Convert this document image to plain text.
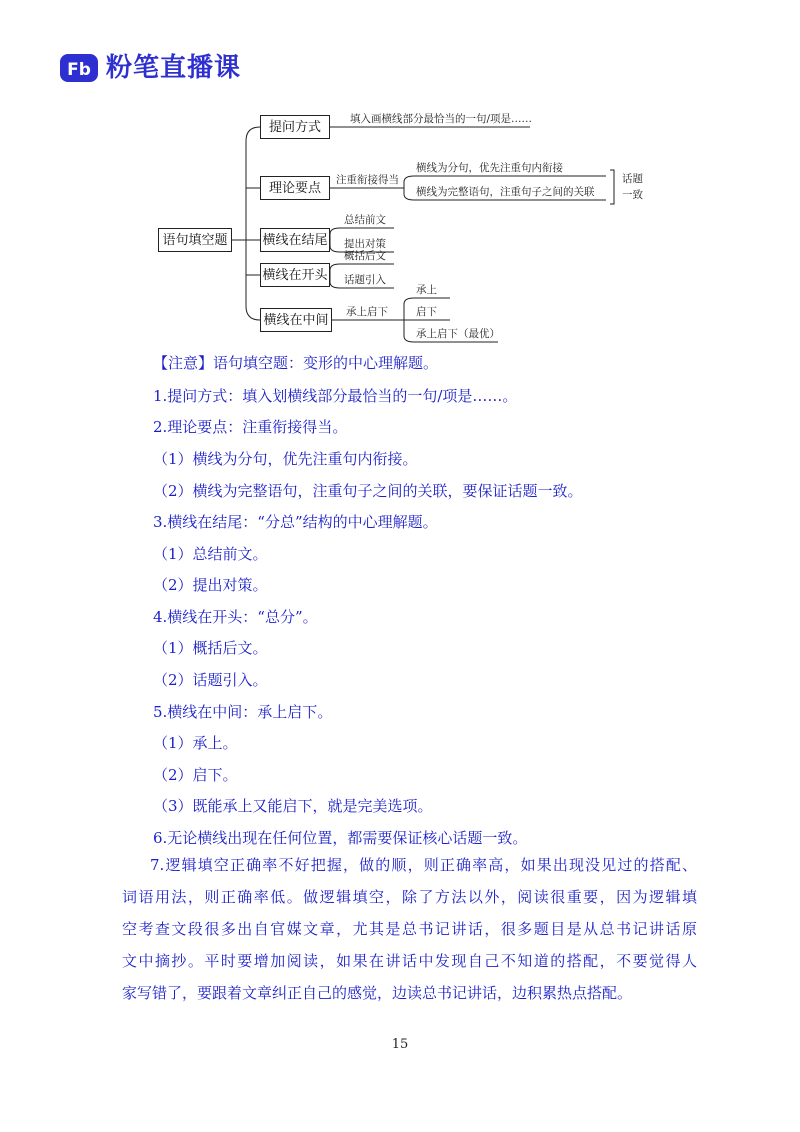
Fb 粉笔直播课
语句填空题
提问方式
填入画横线部分最恰当的一句/项是……
理论要点
注重衔接得当
横线为分句，优先注重句内衔接
横线为完整语句，注重句子之间的关联
话题
一致
横线在结尾
总结前文
提出对策
横线在开头
概括后文
话题引入
横线在中间
承上启下
承上
启下
承上启下（最优）
【注意】语句填空题：变形的中心理解题。
1.提问方式：填入划横线部分最恰当的一句/项是……。
2.理论要点：注重衔接得当。
（1）横线为分句，优先注重句内衔接。
（2）横线为完整语句，注重句子之间的关联，要保证话题一致。
3.横线在结尾：“分总”结构的中心理解题。
（1）总结前文。
（2）提出对策。
4.横线在开头：“总分”。
（1）概括后文。
（2）话题引入。
5.横线在中间：承上启下。
（1）承上。
（2）启下。
（3）既能承上又能启下，就是完美选项。
6.无论横线出现在任何位置，都需要保证核心话题一致。

7.逻辑填空正确率不好把握，做的顺，则正确率高，如果出现没见过的搭配、

词语用法，则正确率低。做逻辑填空，除了方法以外，阅读很重要，因为逻辑填

空考查文段很多出自官媒文章，尤其是总书记讲话，很多题目是从总书记讲话原

文中摘抄。平时要增加阅读，如果在讲话中发现自己不知道的搭配，不要觉得人

家写错了，要跟着文章纠正自己的感觉，边读总书记讲话，边积累热点搭配。

15
